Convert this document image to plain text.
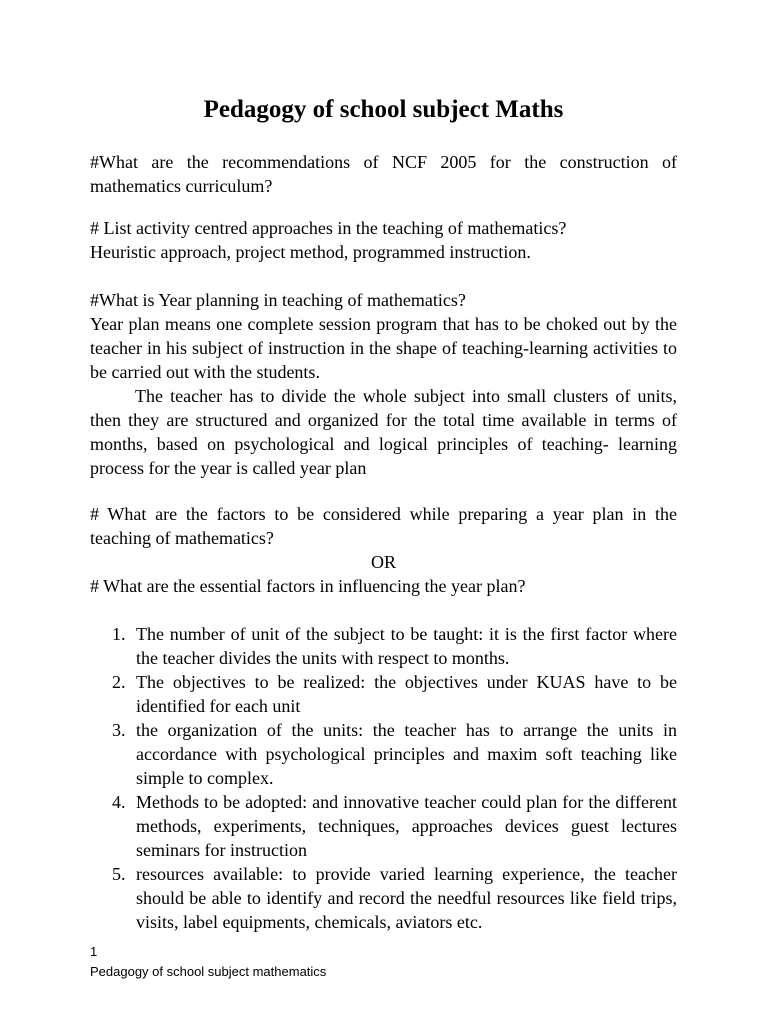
Pedagogy of school subject Maths

#What are the recommendations of NCF 2005 for the construction of mathematics curriculum?

# List activity centred approaches in the teaching of mathematics?

Heuristic approach, project method, programmed instruction.

#What is Year planning in teaching of mathematics?

Year plan means one complete session program that has to be choked out by the teacher in his subject of instruction in the shape of teaching-learning activities to be carried out with the students.

The teacher has to divide the whole subject into small clusters of units, then they are structured and organized for the total time available in terms of months, based on psychological and logical principles of teaching- learning process for the year is called year plan

# What are the factors to be considered while preparing a year plan in the teaching of mathematics?

OR

# What are the essential factors in influencing the year plan?

1. The number of unit of the subject to be taught: it is the first factor where the teacher divides the units with respect to months.
2. The objectives to be realized: the objectives under KUAS have to be identified for each unit
3. the organization of the units: the teacher has to arrange the units in accordance with psychological principles and maxim soft teaching like simple to complex.
4. Methods to be adopted: and innovative teacher could plan for the different methods, experiments, techniques, approaches devices guest lectures seminars for instruction
5. resources available: to provide varied learning experience, the teacher should be able to identify and record the needful resources like field trips, visits, label equipments, chemicals, aviators etc.
1
Pedagogy of school subject mathematics
